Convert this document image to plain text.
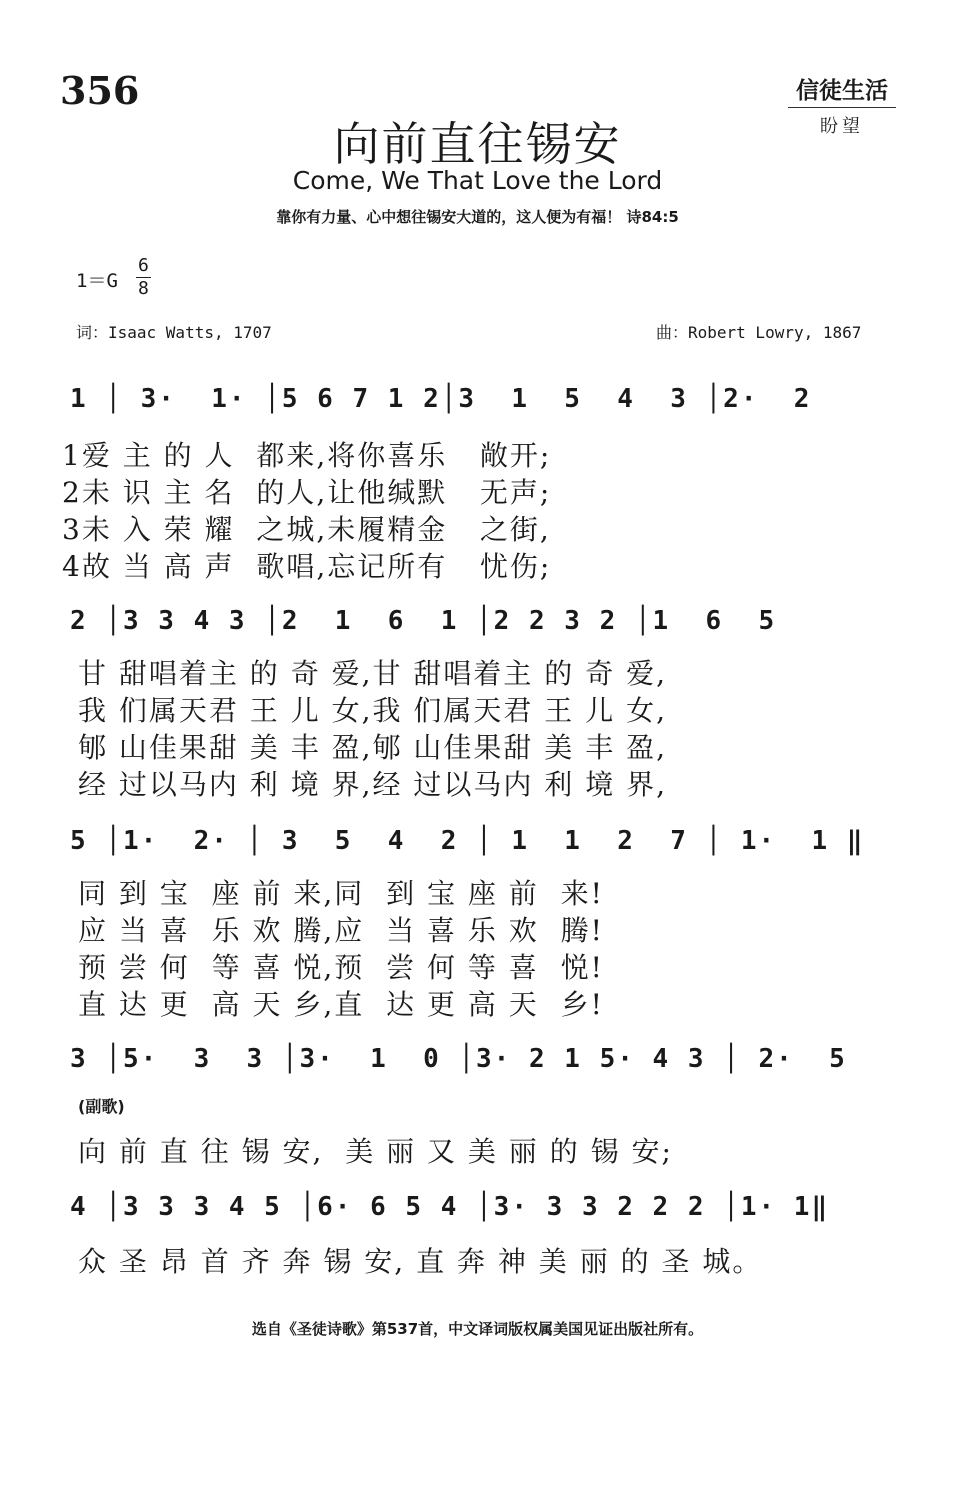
356	信徒生活
盼望
向前直往锡安
Come, We That Love the Lord
靠你有力量、心中想往锡安大道的，这人便为有福！ 诗84:5
1＝G
6
8
词：Isaac Watts, 1707	曲：Robert Lowry, 1867
1 │ 3·  1· │5 6 7 1 2│3  1  5  4  3 │2·  2
1爱 主 的 人  都来,将你喜乐   敞开;
2未 识 主 名  的人,让他缄默   无声;
3未 入 荣 耀  之城,未履精金   之街,
4故 当 高 声  歌唱,忘记所有   忧伤;
2 │3 3 4 3 │2  1  6  1 │2 2 3 2 │1  6  5
甘 甜唱着主 的 奇 爱,甘 甜唱着主 的 奇 爱,
我 们属天君 王 儿 女,我 们属天君 王 儿 女,
郇 山佳果甜 美 丰 盈,郇 山佳果甜 美 丰 盈,
经 过以马内 利 境 界,经 过以马内 利 境 界,
5 │1·  2· │ 3  5  4  2 │ 1  1  2  7 │ 1·  1 ‖
同 到 宝  座 前 来,同  到 宝 座 前  来!
应 当 喜  乐 欢 腾,应  当 喜 乐 欢  腾!
预 尝 何  等 喜 悦,预  尝 何 等 喜  悦!
直 达 更  高 天 乡,直  达 更 高 天  乡!
3 │5·  3  3 │3·  1  0 │3· 2 1 5· 4 3 │ 2·  5
(副歌)
向 前 直 往 锡 安,  美 丽 又 美 丽 的 锡 安;
4 │3 3 3 4 5 │6· 6 5 4 │3· 3 3 2 2 2 │1· 1‖
众 圣 昂 首 齐 奔 锡 安, 直 奔 神 美 丽 的 圣 城。
选自《圣徒诗歌》第537首，中文译词版权属美国见证出版社所有。
